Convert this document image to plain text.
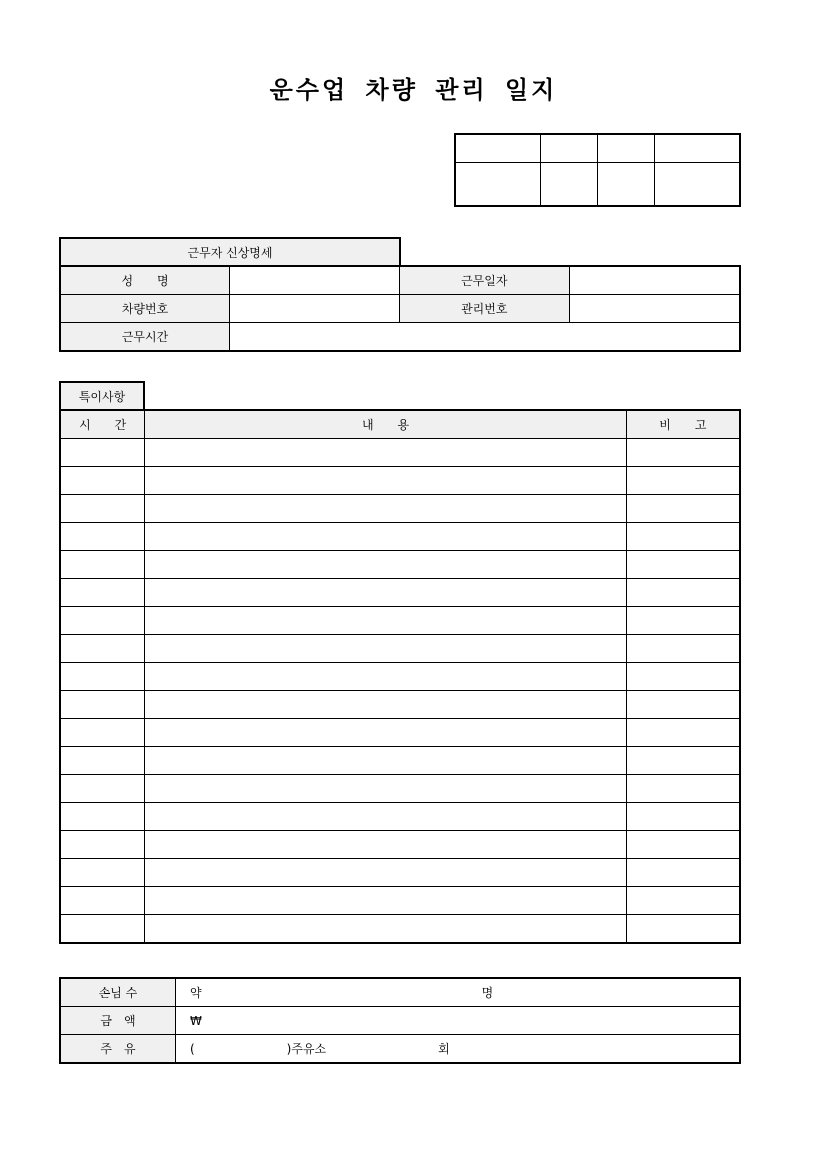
운수업 차량 관리 일지

근무자 신상명세
성　　명		근무일자	
차량번호		관리번호	
근무시간			
특이사항
시　　간	내　　용	비　　고

손님 수	약 명
금　액	₩
주　유	( )주유소 회
